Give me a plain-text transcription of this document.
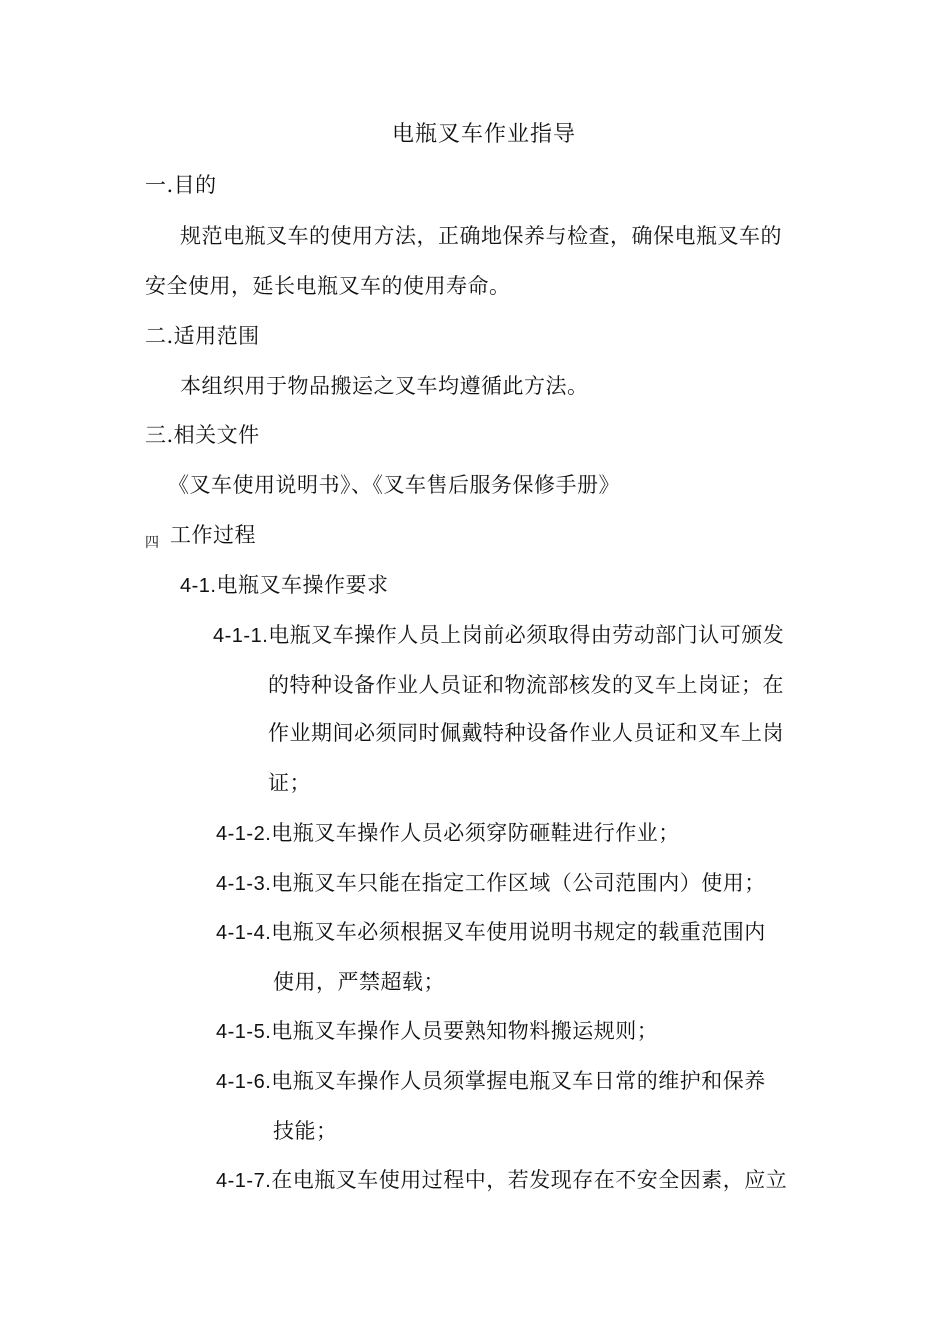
电瓶叉车作业指导
一.目的
规范电瓶叉车的使用方法，正确地保养与检查，确保电瓶叉车的
安全使用，延长电瓶叉车的使用寿命。
二.适用范围
本组织用于物品搬运之叉车均遵循此方法。
三.相关文件
《叉车使用说明书》、《叉车售后服务保修手册》
四 工作过程
4-1.电瓶叉车操作要求
4-1-1.电瓶叉车操作人员上岗前必须取得由劳动部门认可颁发
的特种设备作业人员证和物流部核发的叉车上岗证；在
作业期间必须同时佩戴特种设备作业人员证和叉车上岗
证；
4-1-2.电瓶叉车操作人员必须穿防砸鞋进行作业；
4-1-3.电瓶叉车只能在指定工作区域（公司范围内）使用；
4-1-4.电瓶叉车必须根据叉车使用说明书规定的载重范围内
使用，严禁超载；
4-1-5.电瓶叉车操作人员要熟知物料搬运规则；
4-1-6.电瓶叉车操作人员须掌握电瓶叉车日常的维护和保养
技能；
4-1-7.在电瓶叉车使用过程中，若发现存在不安全因素，应立
